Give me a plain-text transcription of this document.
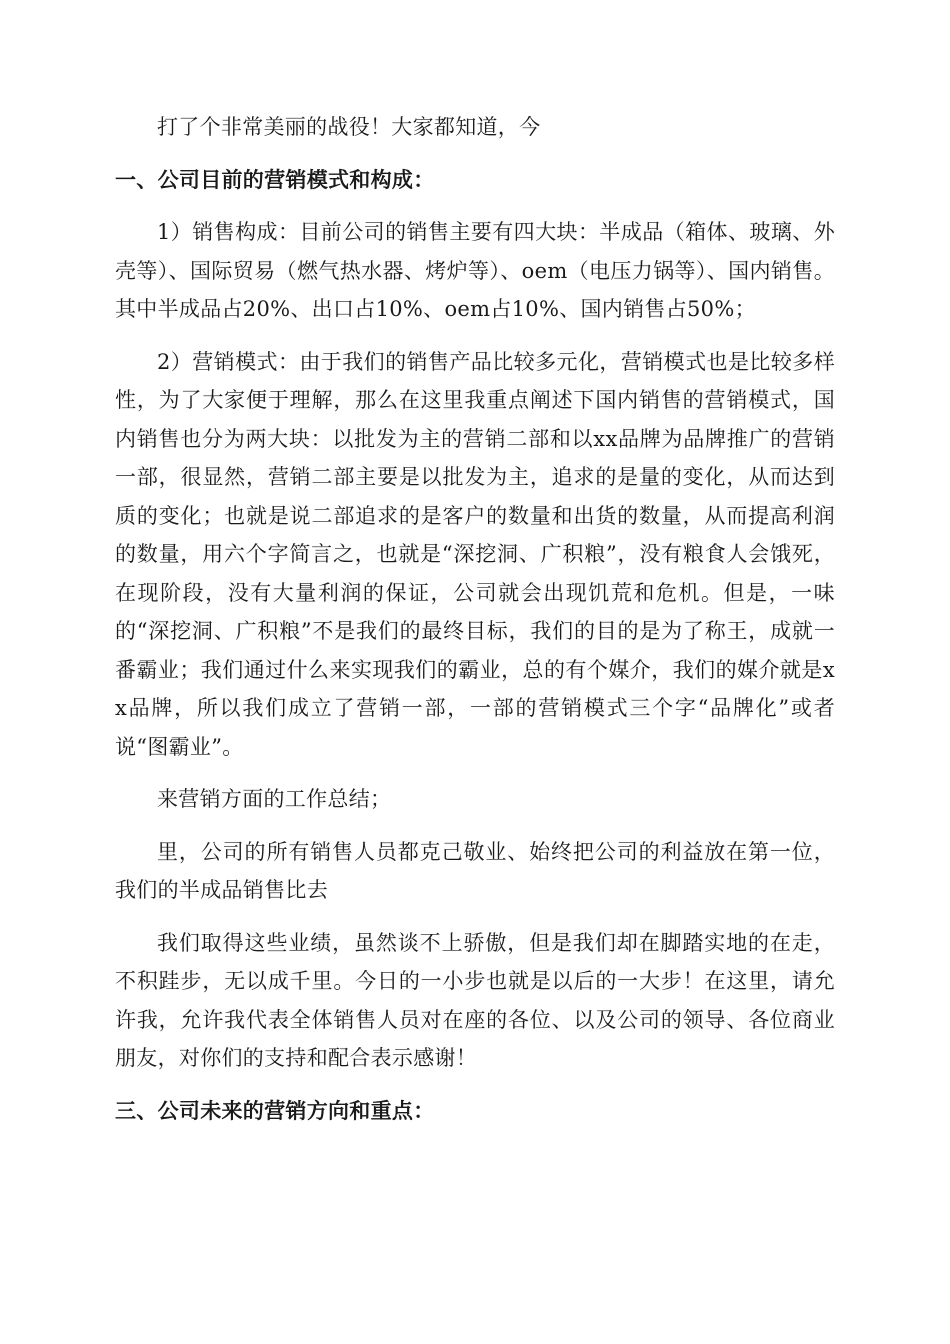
打了个非常美丽的战役！大家都知道，今

一、公司目前的营销模式和构成：

1）销售构成：目前公司的销售主要有四大块：半成品（箱体、玻璃、外壳等）、国际贸易（燃气热水器、烤炉等）、oem（电压力锅等）、国内销售。其中半成品占20%、出口占10%、oem占10%、国内销售占50%；

2）营销模式：由于我们的销售产品比较多元化，营销模式也是比较多样性，为了大家便于理解，那么在这里我重点阐述下国内销售的营销模式，国内销售也分为两大块：以批发为主的营销二部和以xx品牌为品牌推广的营销一部，很显然，营销二部主要是以批发为主，追求的是量的变化，从而达到质的变化；也就是说二部追求的是客户的数量和出货的数量，从而提高利润的数量，用六个字简言之，也就是“深挖洞、广积粮”，没有粮食人会饿死，在现阶段，没有大量利润的保证，公司就会出现饥荒和危机。但是，一味的“深挖洞、广积粮”不是我们的最终目标，我们的目的是为了称王，成就一番霸业；我们通过什么来实现我们的霸业，总的有个媒介，我们的媒介就是xx品牌，所以我们成立了营销一部，一部的营销模式三个字“品牌化”或者说“图霸业”。

来营销方面的工作总结；

里，公司的所有销售人员都克己敬业、始终把公司的利益放在第一位，我们的半成品销售比去

我们取得这些业绩，虽然谈不上骄傲，但是我们却在脚踏实地的在走，不积跬步，无以成千里。今日的一小步也就是以后的一大步！在这里，请允许我，允许我代表全体销售人员对在座的各位、以及公司的领导、各位商业朋友，对你们的支持和配合表示感谢！

三、公司未来的营销方向和重点：
